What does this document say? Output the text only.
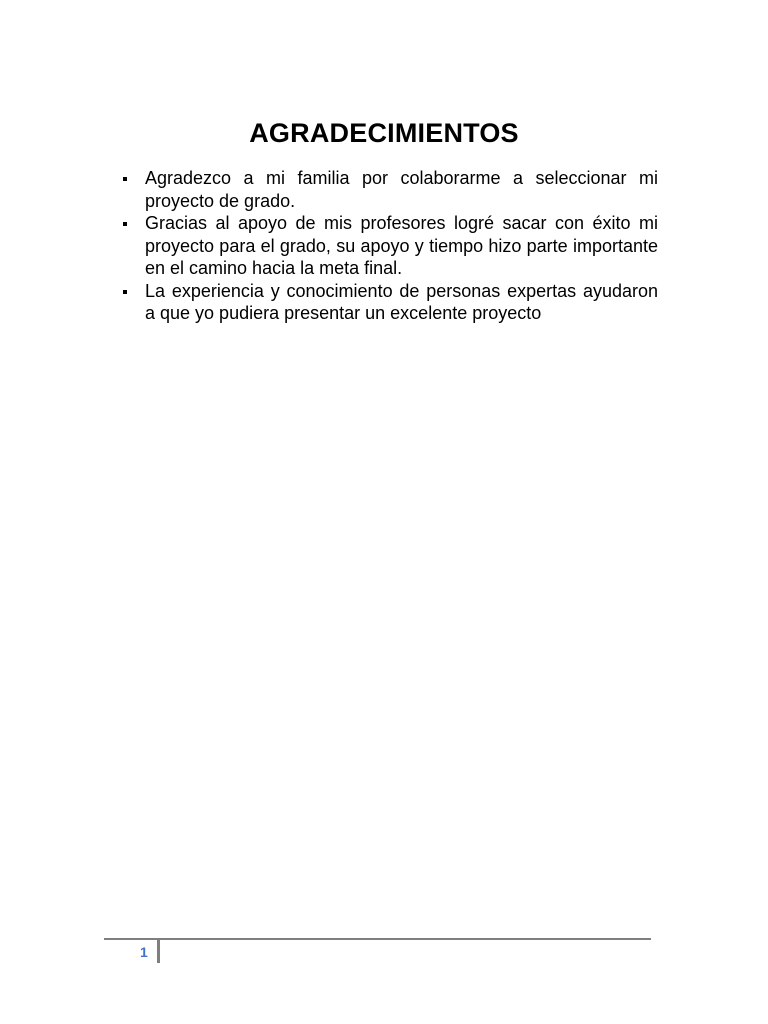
AGRADECIMIENTOS
Agradezco a mi familia por colaborarme a seleccionar mi proyecto de grado.
Gracias al apoyo de mis profesores logré sacar con éxito mi proyecto para el grado, su apoyo y tiempo hizo parte importante en el camino hacia la meta final.
La experiencia y conocimiento de personas expertas ayudaron a que yo pudiera presentar un excelente proyecto
1
